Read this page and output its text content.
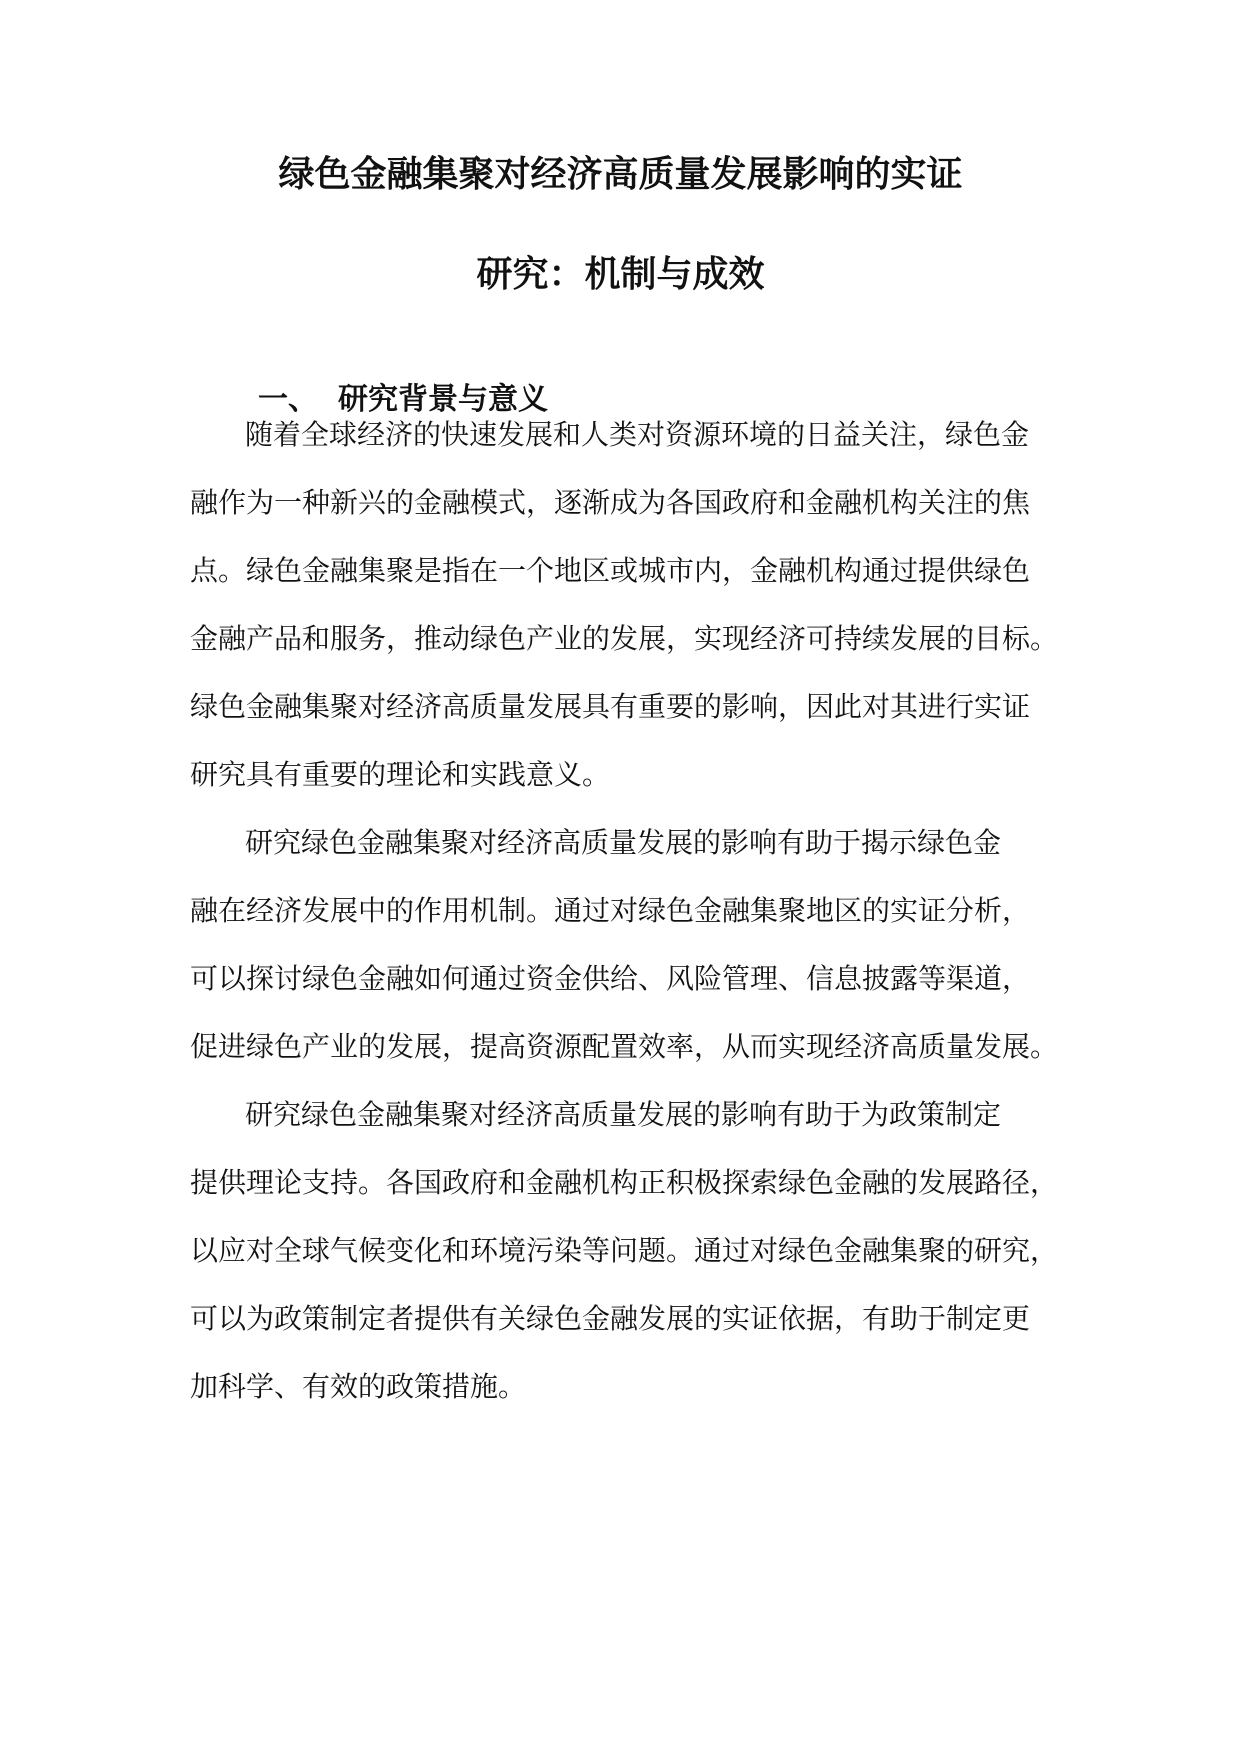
绿色金融集聚对经济高质量发展影响的实证
研究：机制与成效
一、 研究背景与意义
随着全球经济的快速发展和人类对资源环境的日益关注，绿色金
融作为一种新兴的金融模式，逐渐成为各国政府和金融机构关注的焦
点。绿色金融集聚是指在一个地区或城市内，金融机构通过提供绿色
金融产品和服务，推动绿色产业的发展，实现经济可持续发展的目标。
绿色金融集聚对经济高质量发展具有重要的影响，因此对其进行实证
研究具有重要的理论和实践意义。
研究绿色金融集聚对经济高质量发展的影响有助于揭示绿色金
融在经济发展中的作用机制。通过对绿色金融集聚地区的实证分析，
可以探讨绿色金融如何通过资金供给、风险管理、信息披露等渠道，
促进绿色产业的发展，提高资源配置效率，从而实现经济高质量发展。
研究绿色金融集聚对经济高质量发展的影响有助于为政策制定
提供理论支持。各国政府和金融机构正积极探索绿色金融的发展路径，
以应对全球气候变化和环境污染等问题。通过对绿色金融集聚的研究，
可以为政策制定者提供有关绿色金融发展的实证依据，有助于制定更
加科学、有效的政策措施。
